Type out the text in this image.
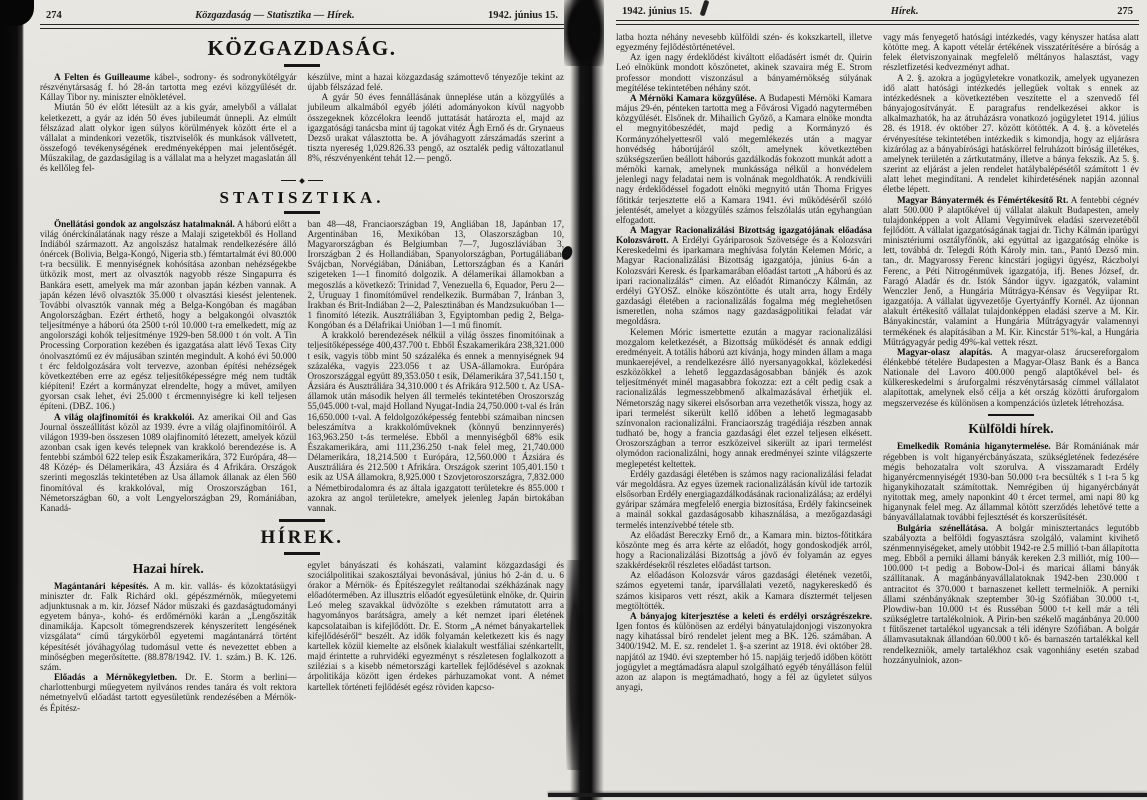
274	Közgazdaság — Statisztika — Hírek.	1942. június 15.
KÖZGAZDASÁG.

A Felten és Guilleaume kábel-, sodrony- és sodronykötélgyár részvénytársaság f. hó 28-án tartotta meg ezévi közgyűlését dr. Kállay Tibor ny. miniszter elnökletével.

Miután 50 év előtt létesült az a kis gyár, amelyből a vállalat keletkezett, a gyár az idén 50 éves jubileumát ünnepli. Az elmúlt félszázad alatt olykor igen súlyos körülmények között érte el a vállalat a mindenkori vezetők, tisztviselők és munkások vállvetett, összefogó tevékenységének eredményeképpen mai jelentőségét. Műszakilag, de gazdaságilag is a vállalat ma a helyzet magaslatán áll és kellőleg fel-

készülve, mint a hazai közgazdaság számottevő tényezője tekint az újabb félszázad felé.

A gyár 50 éves fennállásának ünneplése után a közgyűlés a jubileum alkalmából egyéb jóléti adományokon kívül nagyobb összegeknek közcélokra leendő juttatását határozta el, majd az igazgatósági tanácsba mint új tagokat vitéz Ágh Ernő és dr. Grynaeus Dezső urakat választotta be. A jóváhagyott zárszámadás szerint a tiszta nyereség 1,029.826.33 pengő, az osztalék pedig változatlanul 8%, részvényenként tehát 12.— pengő.

STATISZTIKA.

Önellátási gondok az angolszász hatalmaknál. A háború előtt a világ ónérckínálatának nagy része a Malaji szigetekből és Holland Indiából származott. Az angolszász hatalmak rendelkezésére álló ónércek (Bolivia, Belga-Kongó, Nigeria stb.) fémtartalmát évi 80.000 t-ra becsülik. E mennyiségnek kohósítása azonban nehézségekbe ütközik most, mert az olvasztók nagyobb része Singapurra és Bankára esett, amelyek ma már azonban japán kézben vannak. A japán kézen lévő olvasztók 35.000 t olvasztási kiesést jelentenek. További olvasztók vannak még a Belga-Kongóban és magában Angolországban. Ezért érthető, hogy a belgakongói olvasztók teljesítménye a háború óta 2500 t-ról 10.000 t-ra emelkedett, míg az angolországi kohók teljesítménye 1929-ben 58.000 t ón volt. A Tin Processing Corporation kezében és igazgatása alatt lévő Texas City ónolvasztómű ez év májusában szintén megindult. A kohó évi 50.000 t érc feldolgozására volt tervezve, azonban építési nehézségek következtében erre az egész teljesítőképességre még nem tudták kiépíteni! Ezért a kormányzat elrendelte, hogy a művet, amilyen gyorsan csak lehet, évi 25.000 t ércmennyiségre ki kell teljesen építeni. (DBZ. 106.)

A világ olajfinomítói és krakkolói. Az amerikai Oil and Gas Journal összeállítást közöl az 1939. évre a világ olajfinomítóiról. A világon 1939-ben összesen 1089 olajfinomító létezett, amelyek közül azonban csak igen kevés telepnek van krakkoló berendezése is. A fentebbi számból 622 telep esik Északamerikára, 372 Európára, 48—48 Közép- és Délamerikára, 43 Ázsiára és 4 Afrikára. Országok szerinti megoszlás tekintetében az Usa államok állanak az élen 560 finomítóval és krakkolóval, míg Oroszországban 161, Németországban 60, a volt Lengyelországban 29, Romániában, Kanadá-

ban 48—48, Franciaországban 19, Angliában 18, Japánban 17, Argentinában 16, Mexikóban 13, Olaszországban 10, Magyarországban és Belgiumban 7—7, Jugoszláviában 3, Irországban 2 és Hollandiában, Spanyolországban, Portugáliában, Svájcban, Norvégiában, Dániában, Lettországban és a Kanári szigeteken 1—1 finomító dolgozik. A délamerikai államokban a megoszlás a következő: Trinidad 7, Venezuella 6, Equador, Peru 2—2, Uruguay 1 finomítóművel rendelkezik. Burmában 7, Iránban 3, Irakban és Brit-Indiában 2—2, Palesztinában és Mandzsukuóban 1—1 finomító létezik. Ausztráliában 3, Egyiptomban pedig 2, Belga-Kongóban és a Délafrikai Unióban 1—1 mű finomít.

A krakkoló berendezések nélkül a világ összes finomítóinak a teljesítőképessége 400,437.700 t. Ebből Északamerikára 238,321.000 t esik, vagyis több mint 50 százaléka és ennek a mennyiségnek 94 százaléka, vagyis 223.056 t az USA-államokra. Európára Oroszországgal együtt 89,353.050 t esik, Délamerikára 37,541.150 t, Ázsiára és Ausztráliára 34,310.000 t és Afrikára 912.500 t. Az USA-államok után második helyen áll termelés tekintetében Oroszország 55,045.000 t-val, majd Holland Nyugat-India 24,750.000 t-val és Irán 16,650.000 t-val. A feldolgozóképesség fentebbi számaiban nincsen beleszámítva a krakkolóműveknek (könnyű benzinnyerés) 163,963.250 t-ás termelése. Ebből a mennyiségből 68% esik Északamerikára, ami 111,236.250 t-nak felel meg, 21,740.000 Délamerikára, 18,214.500 t Európára, 12,560.000 t Ázsiára és Ausztráliára és 212.500 t Afrikára. Országok szerint 105,401.150 t esik az USA államokra, 8,925.000 t Szovjetoroszországra, 7,832.000 a Németbirodalomra és az általa igazgatott területekre és 855.000 t azokra az angol területekre, amelyek jelenleg Japán birtokában vannak.

HÍREK.
Hazai hírek.

Magántanári képesítés. A m. kir. vallás- és közoktatásügyi miniszter dr. Falk Richárd okl. gépészmérnök, műegyetemi adjunktusnak a m. kir. József Nádor műszaki és gazdaságtudományi egyetem bánya-, kohó- és erdőmérnöki karán a „Lengősziták dinamikája. Kapcsolt tömegrendszerek kényszerített lengésének vizsgálata“ című tárgykörből egyetemi magántanárrá történt képesítését jóváhagyólag tudomásul vette és nevezettet ebben a minőségben megerősítette. (88.878/1942. IV. 1. szám.) B. K. 126. szám.

Előadás a Mérnökegyletben. Dr. E. Storm a berlini—charlottenburgi műegyetem nyilvános rendes tanára és volt rektora németnyelvű előadást tartott egyesületünk rendezésében a Mérnök- és Építész-

egylet bányászati és kohászati, valamint közgazdasági és szociálpolitikai szakosztályai bevonásával, június hó 2-án d. u. 6 órakor a Mérnök- és Építészegylet reáltanodai székházának nagy előadótermében. Az illusztris előadót egyesületünk elnöke, dr. Quirin Leó meleg szavakkal üdvözölte s ezekben rámutatott arra a hagyományos barátságra, amely a két nemzet ipari életének kapcsolataiban is kifejlődött. Dr. E. Storm „A német bányakartellek kifejlődéséről“ beszélt. Az idők folyamán keletkezett kis és nagy kartellek közül kiemelte az elsőnek kialakult westfáliai szénkartellt, majd érintette a ruhrvidéki egyezményt s részletesen foglalkozott a sziléziai s a kisebb németországi kartellek fejlődésével s azoknak árpolitikája között igen érdekes párhuzamokat vont. A német kartellek történeti fejlődését egész röviden kapcso-

1942. június 15.	Hírek.	275

latba hozta néhány nevesebb külföldi szén- és kokszkartell, illetve egyezmény fejlődéstörténetével.

Az igen nagy érdeklődést kiváltott előadásért ismét dr. Quirin Leó elnökünk mondott köszönetet, akinek szavaira még E. Strom professor mondott viszonzásul a bányamérnökség súlyának megítélése tekintetében néhány szót.

A Mérnöki Kamara közgyűlése. A Budapesti Mérnöki Kamara május 29-én, pénteken tartotta meg a Fővárosi Vigadó nagytermében közgyűlését. Elsőnek dr. Mihailich Győző, a Kamara elnöke mondta el megnyitóbeszédét, majd pedig a Kormányzó és Kormányzóhelyettesről való megemlékezés után a magyar honvédség háborújáról szólt, amelynek következtében szükségszerűen beállott háborús gazdálkodás fokozott munkát adott a mérnöki karnak, amelynek munkássága nélkül a honvédelem jelenlegi nagy feladatai nem is volnának megoldhatók. A rendkívüli nagy érdeklődéssel fogadott elnöki megnyitó után Thoma Frigyes főtitkár terjesztette elő a Kamara 1941. évi működéséről szóló jelentését, amelyet a közgyűlés számos felszólalás után egyhangúan elfogadott.

A Magyar Racionalizálási Bizottság igazgatójának előadása Kolozsvárott. A Erdélyi Gyáriparosok Szövetsége és a Kolozsvári Kereskedelmi és iparkamara meghívása folytán Kelemen Móric, a Magyar Racionalizálási Bizottság igazgatója, június 6-án a Kolozsvári Keresk. és Iparkamarában előadást tartott „A háború és az ipari racionalizálás“ címen. Az előadót Rimanóczy Kálmán, az erdélyi GYOSZ. elnöke köszöntötte és utalt arra, hogy Erdély gazdasági életében a racionalizálás fogalma még meglehetősen ismeretlen, noha számos nagy gazdaságpolitikai feladat vár megoldásra.

Kelemen Móric ismertette ezután a magyar racionalizálási mozgalom keletkezését, a Bizottság működését és annak eddigi eredményeit. A totális háború azt kívánja, hogy minden állam a maga munkaerejével, a rendelkezésre álló nyersanyagokkal, közlekedési eszközökkel a lehető leggazdaságosabban bánjék és azok teljesítményét minél magasabbra fokozza: ezt a célt pedig csak a racionalizálás legmesszebbmenő alkalmazásával érhetjük el. Németország nagy sikerei elsősorban arra vezethetők vissza, hogy az ipari termelést sikerült kellő időben a lehető legmagasabb színvonalon racionalizálni. Franciaország tragédiája részben annak tudható be, hogy a francia gazdasági élet ezzel teljesen elkésett. Oroszországban a terror eszközeivel sikerült az ipari termelést olymódon racionalizálni, hogy annak eredményei szinte világszerte meglepetést keltettek.

Erdély gazdasági életében is számos nagy racionalizálási feladat vár megoldásra. Az egyes üzemek racionalizálásán kívül ide tartozik elsősorban Erdély energiagazdálkodásának racionalizálása; az erdélyi gyáripar számára megfelelő energia biztosítása, Erdély fakincseinek a mainál sokkal gazdaságosabb kihasználása, a mezőgazdasági termelés intenzívebbé tétele stb.

Az előadást Bereczky Ernő dr., a Kamara min. biztos-főtitkára köszönte meg és arra kérte az előadót, hogy gondoskodjék arról, hogy a Racionalizálási Bizottság a jövő év folyamán az egyes szakkérdésekről részletes előadást tartson.

Az előadáson Kolozsvár város gazdasági életének vezetői, számos egyetemi tanár, iparvállalati vezető, nagykereskedő és számos kisiparos vett részt, akik a Kamara dísztermét teljesen megtöltötték.

A bányajog kiterjesztése a keleti és erdélyi országrészekre. Igen fontos és különösen az erdélyi bányatulajdonjogi viszonyokra nagy kihatással bíró rendelet jelent meg a BK. 126. számában. A 3400/1942. M. E. sz. rendelet 1. §-a szerint az 1918. évi október 28. napjától az 1940. évi szeptember hó 15. napjáig terjedő időben kötött jogügylet a megtámadásra alapul szolgálható egyéb tényálláson felül azon az alapon is megtámadható, hogy a fél az ügyletet súlyos anyagi,

vagy más fenyegető hatósági intézkedés, vagy kényszer hatása alatt kötötte meg. A kapott vételár értékének visszatérítésére a bíróság a felek életviszonyainak megfelelő méltányos halasztást, vagy részletfizetési kedvezményt adhat.

A 2. §. azokra a jogügyletekre vonatkozik, amelyek ugyanezen idő alatt hatósági intézkedés jellegűek voltak s ennek az intézkedésnek a következtében veszítette el a szenvedő fél bányajogosítványát. E paragrafus rendelkezései akkor is alkalmazhatók, ha az átruházásra vonatkozó jogügyletet 1914. július 28. és 1918. év október 27. között kötötték. A 4. §. a követelés érvényesítése tekintetében intézkedik s kimondja, hogy az eljárásra kizárólag az a bányabírósági hatáskörrel felruházott bíróság illetékes, amelynek területén a zártkutatmány, illetve a bánya fekszik. Az 5. §. szerint az eljárást a jelen rendelet hatálybalépésétől számított 1 év alatt lehet megindítani. A rendelet kihirdetésének napján azonnal életbe lépett.

Magyar Bányatermék és Fémértékesítő Rt. A fentebbi cégnév alatt 500.000 P alaptőkével új vállalat alakult Budapesten, amely tulajdonképpen a volt Állami Vegyiművek eladási szervezetéből fejlődött. A vállalat igazgatóságának tagjai dr. Tichy Kálmán iparügyi minisztériumi osztályfőnök, aki egyúttal az igazgatóság elnöke is lett, továbbá dr. Telegdi Róth Károly min. tan., Pantó Dezső min. tan., dr. Magyarossy Ferenc kincstári jogügyi ügyész, Ráczbolyi Ferenc, a Péti Nitrogénművek igazgatója, ifj. Benes József, dr. Faragó Aladár és dr. Istók Sándor ügyv. igazgatók, valamint Wenczler Jenő, a Hungária Műtrágya-Kénsav és Vegyiipar Rt. igazgatója. A vállalat ügyvezetője Gyertyánffy Kornél. Az újonnan alakult értékesítő vállalat tulajdonképpen eladási szerve a M. Kir. Bányakincstár, valamint a Hungária Műtrágyagyár valamennyi termékének és alapításában a M. Kir. Kincstár 51%-kal, a Hungária Műtrágyagyár pedig 49%-kal vettek részt.

Magyar-olasz alapítás. A magyar-olasz árucsereforgalom élénkebbé tételére Budapesten a Magyar-Olasz Bank és a Banca Nationale del Lavoro 400.000 pengő alaptőkével bel- és külkereskedelmi s áruforgalmi részvénytársaság címmel vállalatot alapítottak, amelynek első célja a két ország közötti áruforgalom megszervezése és különösen a kompenzációs üzletek létrehozása.

Külföldi hírek.

Emelkedik Románia higanytermelése. Bár Romániának már régebben is volt higanyércbányászata, szükségletének fedezésére mégis behozatalra volt szorulva. A visszamaradt Erdély higanyércmennyiségét 1930-ban 50.000 t-ra becsülték s 1 t-ra 5 kg higanykihozatalt számítottak. Nemrégiben új higanyércbányát nyitottak meg, amely naponkint 40 t ércet termel, ami napi 80 kg higanynak felel meg. Az állammal kötött szerződés lehetővé tette a bányavállalatnak további fejlesztését és korszerűsítését.

Bulgária szénellátása. A bolgár minisztertanács legutóbb szabályozta a belföldi fogyasztásra szolgáló, valamint kivihető szénmennyiségeket, amely utóbbit 1942-re 2.5 millió t-ban állapította meg. Ebből a perniki állami bányák kereken 2.3 milliót, míg 100—100.000 t-t pedig a Bobow-Dol-i és maricai állami bányák szállítanak. A magánbányavállalatoknak 1942-ben 230.000 t antracitot és 370.000 t barnaszenet kellett termelniök. A perniki állami szénbányáknak szeptember 30-ig Szófiában 30.000 t-t, Plowdiw-ban 10.000 t-t és Russéban 5000 t-t kell már a téli szükségletre tartalékolniok. A Pirin-ben székelő magánbánya 20.000 t fűtőszenet tartalékol ugyancsak a téli idényre Szófiában. A bolgár államvasutaknak állandóan 60.000 t kő- és barnaszén tartalékkal kell rendelkezniök, amely tartalékhoz csak vagonhiány esetén szabad hozzányulniok, azon-
